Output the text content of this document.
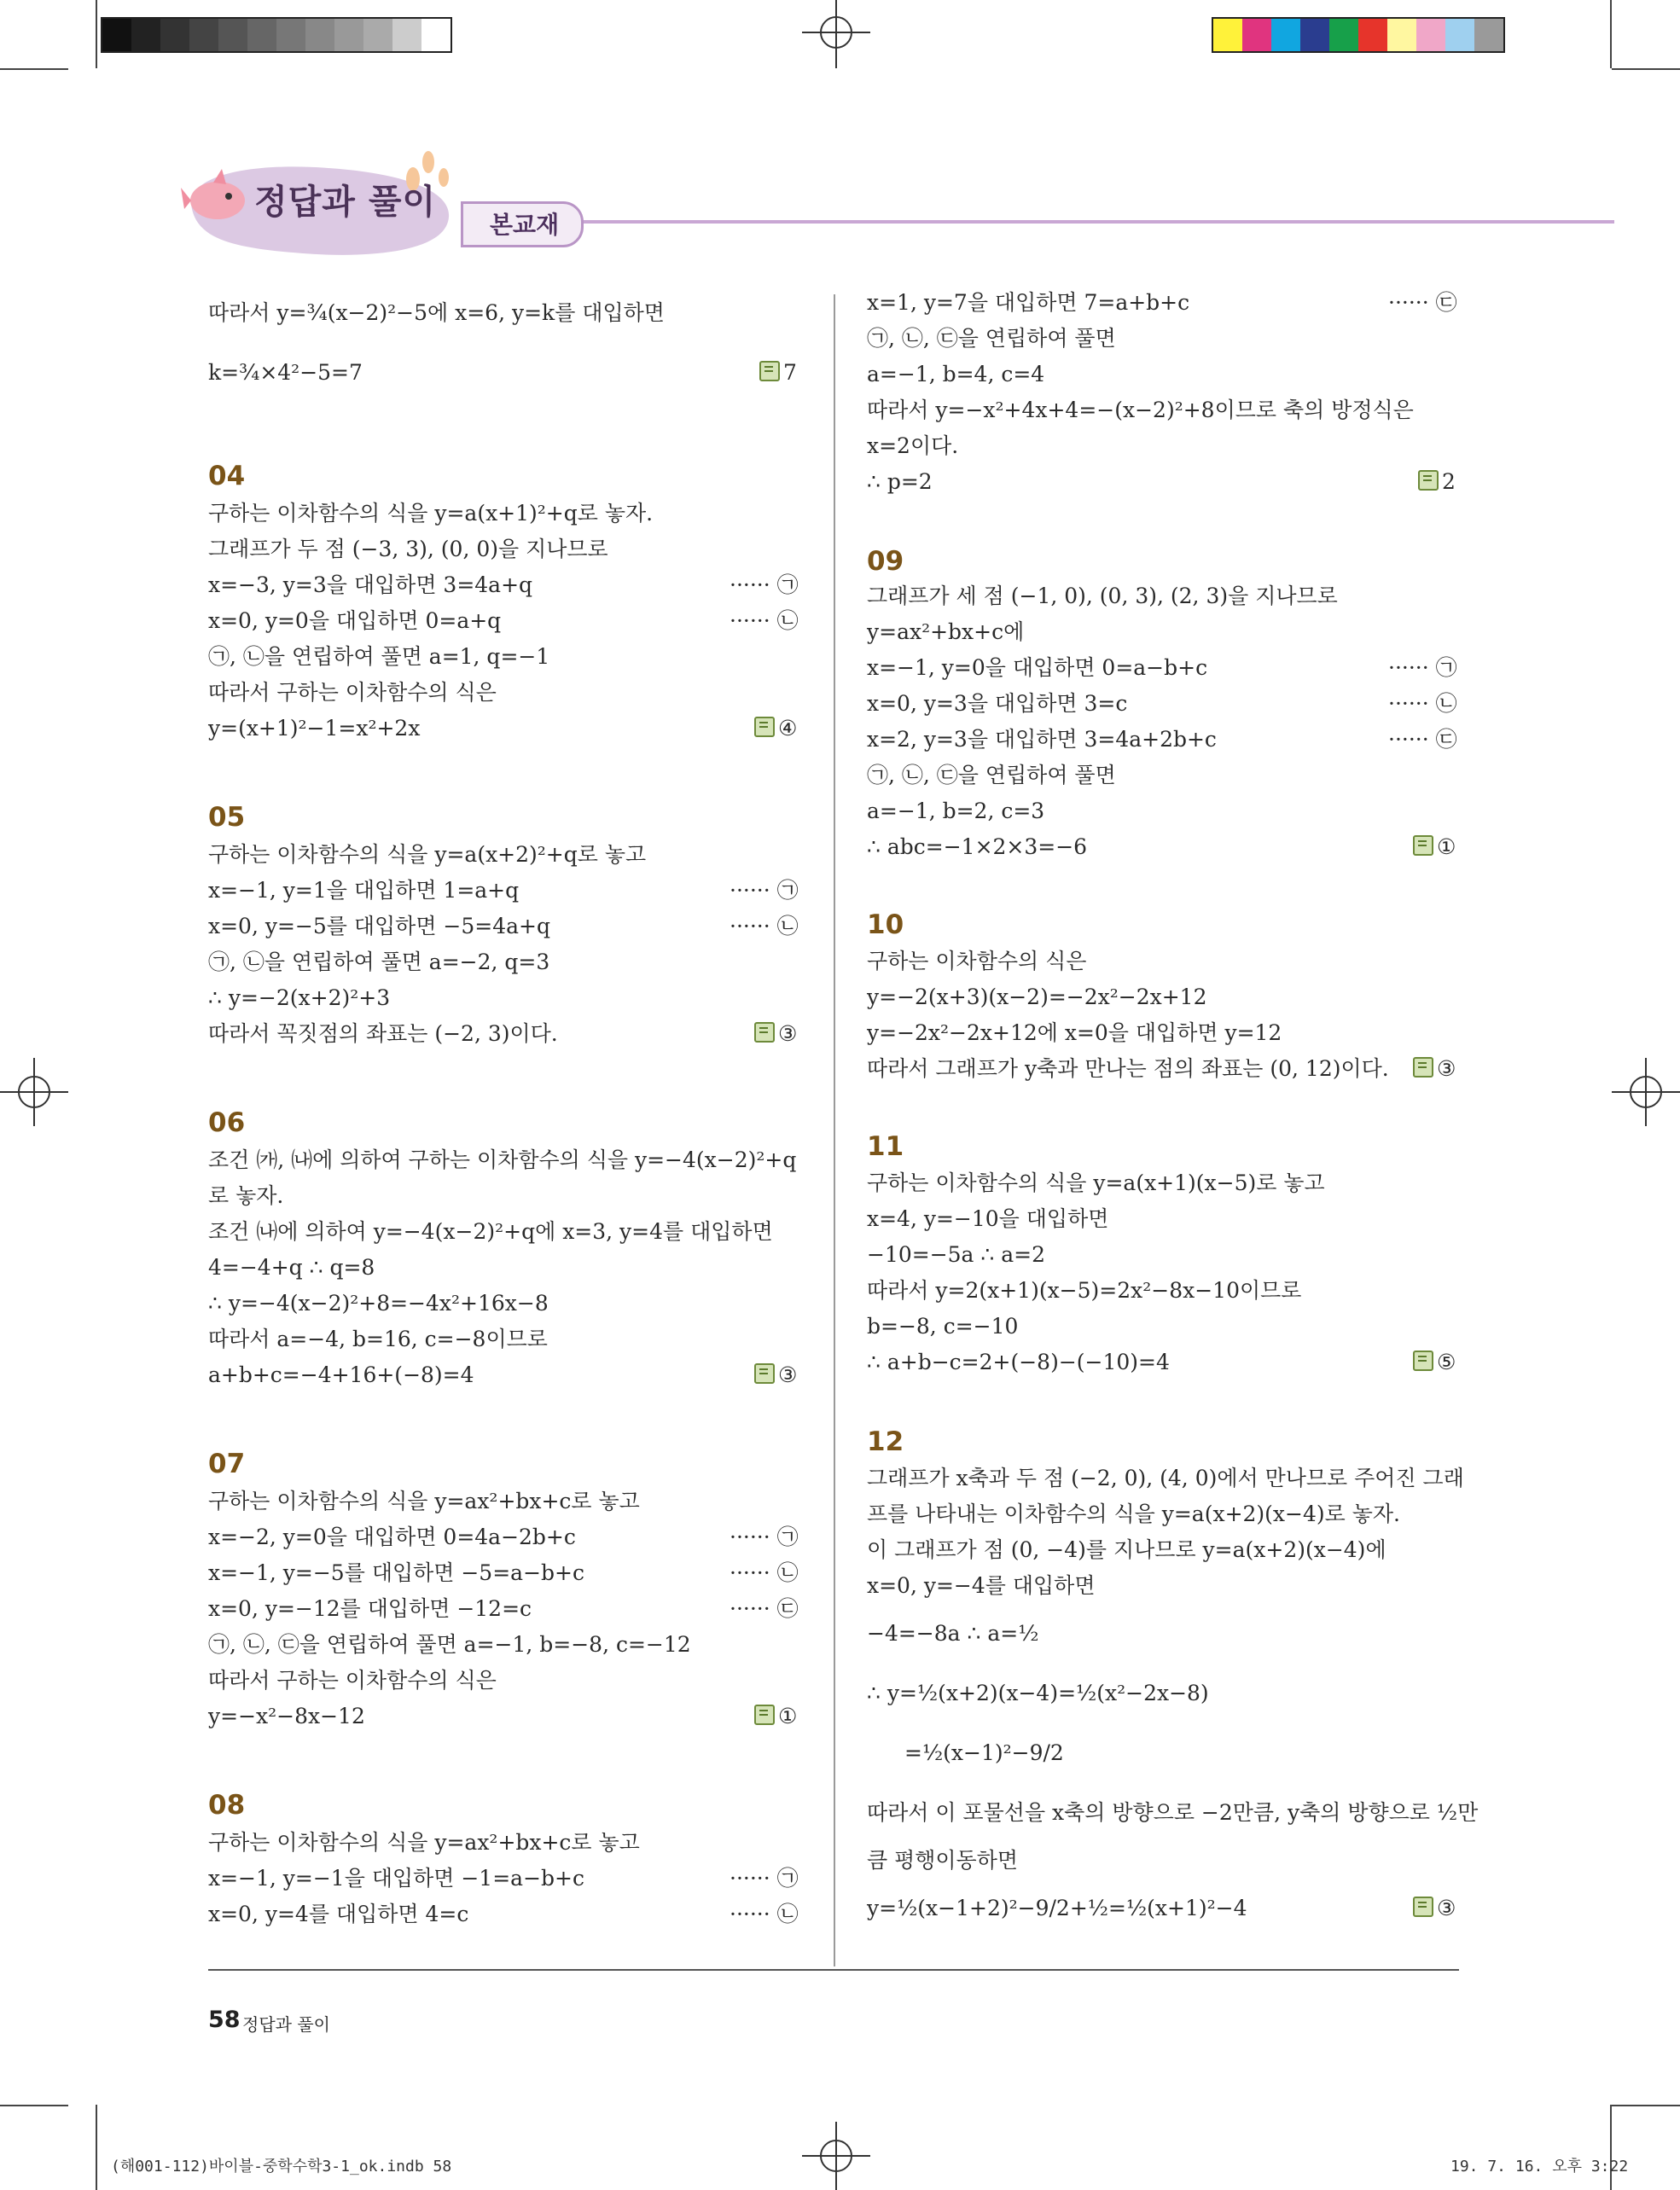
정답과 풀이
본교재
따라서 y=¾(x−2)²−5에 x=6, y=k를 대입하면
k=¾×4²−5=7	7
04
구하는 이차함수의 식을 y=a(x+1)²+q로 놓자.
그래프가 두 점 (−3, 3), (0, 0)을 지나므로
x=−3, y=3을 대입하면 3=4a+q	······ ㉠
x=0, y=0을 대입하면 0=a+q	······ ㉡
㉠, ㉡을 연립하여 풀면 a=1, q=−1
따라서 구하는 이차함수의 식은
y=(x+1)²−1=x²+2x	④
05
구하는 이차함수의 식을 y=a(x+2)²+q로 놓고
x=−1, y=1을 대입하면 1=a+q	······ ㉠
x=0, y=−5를 대입하면 −5=4a+q	······ ㉡
㉠, ㉡을 연립하여 풀면 a=−2, q=3
∴ y=−2(x+2)²+3
따라서 꼭짓점의 좌표는 (−2, 3)이다.	③
06
조건 ㈎, ㈏에 의하여 구하는 이차함수의 식을 y=−4(x−2)²+q
로 놓자.
조건 ㈏에 의하여 y=−4(x−2)²+q에 x=3, y=4를 대입하면
4=−4+q ∴ q=8
∴ y=−4(x−2)²+8=−4x²+16x−8
따라서 a=−4, b=16, c=−8이므로
a+b+c=−4+16+(−8)=4	③
07
구하는 이차함수의 식을 y=ax²+bx+c로 놓고
x=−2, y=0을 대입하면 0=4a−2b+c	······ ㉠
x=−1, y=−5를 대입하면 −5=a−b+c	······ ㉡
x=0, y=−12를 대입하면 −12=c	······ ㉢
㉠, ㉡, ㉢을 연립하여 풀면 a=−1, b=−8, c=−12
따라서 구하는 이차함수의 식은
y=−x²−8x−12	①
08
구하는 이차함수의 식을 y=ax²+bx+c로 놓고
x=−1, y=−1을 대입하면 −1=a−b+c	······ ㉠
x=0, y=4를 대입하면 4=c	······ ㉡
x=1, y=7을 대입하면 7=a+b+c	······ ㉢
㉠, ㉡, ㉢을 연립하여 풀면
a=−1, b=4, c=4
따라서 y=−x²+4x+4=−(x−2)²+8이므로 축의 방정식은
x=2이다.
∴ p=2	2
09
그래프가 세 점 (−1, 0), (0, 3), (2, 3)을 지나므로
y=ax²+bx+c에
x=−1, y=0을 대입하면 0=a−b+c	······ ㉠
x=0, y=3을 대입하면 3=c	······ ㉡
x=2, y=3을 대입하면 3=4a+2b+c	······ ㉢
㉠, ㉡, ㉢을 연립하여 풀면
a=−1, b=2, c=3
∴ abc=−1×2×3=−6	①
10
구하는 이차함수의 식은
y=−2(x+3)(x−2)=−2x²−2x+12
y=−2x²−2x+12에 x=0을 대입하면 y=12
따라서 그래프가 y축과 만나는 점의 좌표는 (0, 12)이다.	③
11
구하는 이차함수의 식을 y=a(x+1)(x−5)로 놓고
x=4, y=−10을 대입하면
−10=−5a ∴ a=2
따라서 y=2(x+1)(x−5)=2x²−8x−10이므로
b=−8, c=−10
∴ a+b−c=2+(−8)−(−10)=4	⑤
12
그래프가 x축과 두 점 (−2, 0), (4, 0)에서 만나므로 주어진 그래
프를 나타내는 이차함수의 식을 y=a(x+2)(x−4)로 놓자.
이 그래프가 점 (0, −4)를 지나므로 y=a(x+2)(x−4)에
x=0, y=−4를 대입하면
−4=−8a ∴ a=½
∴ y=½(x+2)(x−4)=½(x²−2x−8)
=½(x−1)²−9/2
따라서 이 포물선을 x축의 방향으로 −2만큼, y축의 방향으로 ½만
큼 평행이동하면
y=½(x−1+2)²−9/2+½=½(x+1)²−4	③
58 정답과 풀이
(해001-112)바이블-중학수학3-1_ok.indb 58	19. 7. 16. 오후 3:22
